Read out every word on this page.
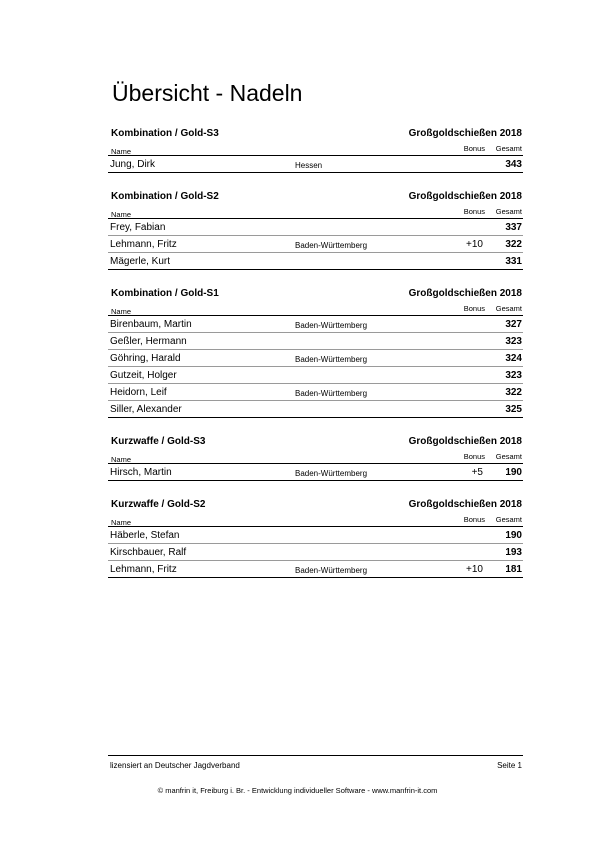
Übersicht - Nadeln
Kombination / Gold-S3	Großgoldschießen 2018
Name	Bonus Gesamt
Jung, Dirk	Hessen	343
Kombination / Gold-S2	Großgoldschießen 2018
Name	Bonus Gesamt
Frey, Fabian	337
Lehmann, Fritz	Baden-Württemberg	+10 322
Mägerle, Kurt	331
Kombination / Gold-S1	Großgoldschießen 2018
Name	Bonus Gesamt
Birenbaum, Martin	Baden-Württemberg	327
Geßler, Hermann	323
Göhring, Harald	Baden-Württemberg	324
Gutzeit, Holger	323
Heidorn, Leif	Baden-Württemberg	322
Siller, Alexander	325
Kurzwaffe / Gold-S3	Großgoldschießen 2018
Name	Bonus Gesamt
Hirsch, Martin	Baden-Württemberg	+5 190
Kurzwaffe / Gold-S2	Großgoldschießen 2018
Name	Bonus Gesamt
Häberle, Stefan	190
Kirschbauer, Ralf	193
Lehmann, Fritz	Baden-Württemberg	+10 181
lizensiert an Deutscher Jagdverband	Seite 1
© manfrin it, Freiburg i. Br. - Entwicklung individueller Software - www.manfrin-it.com
